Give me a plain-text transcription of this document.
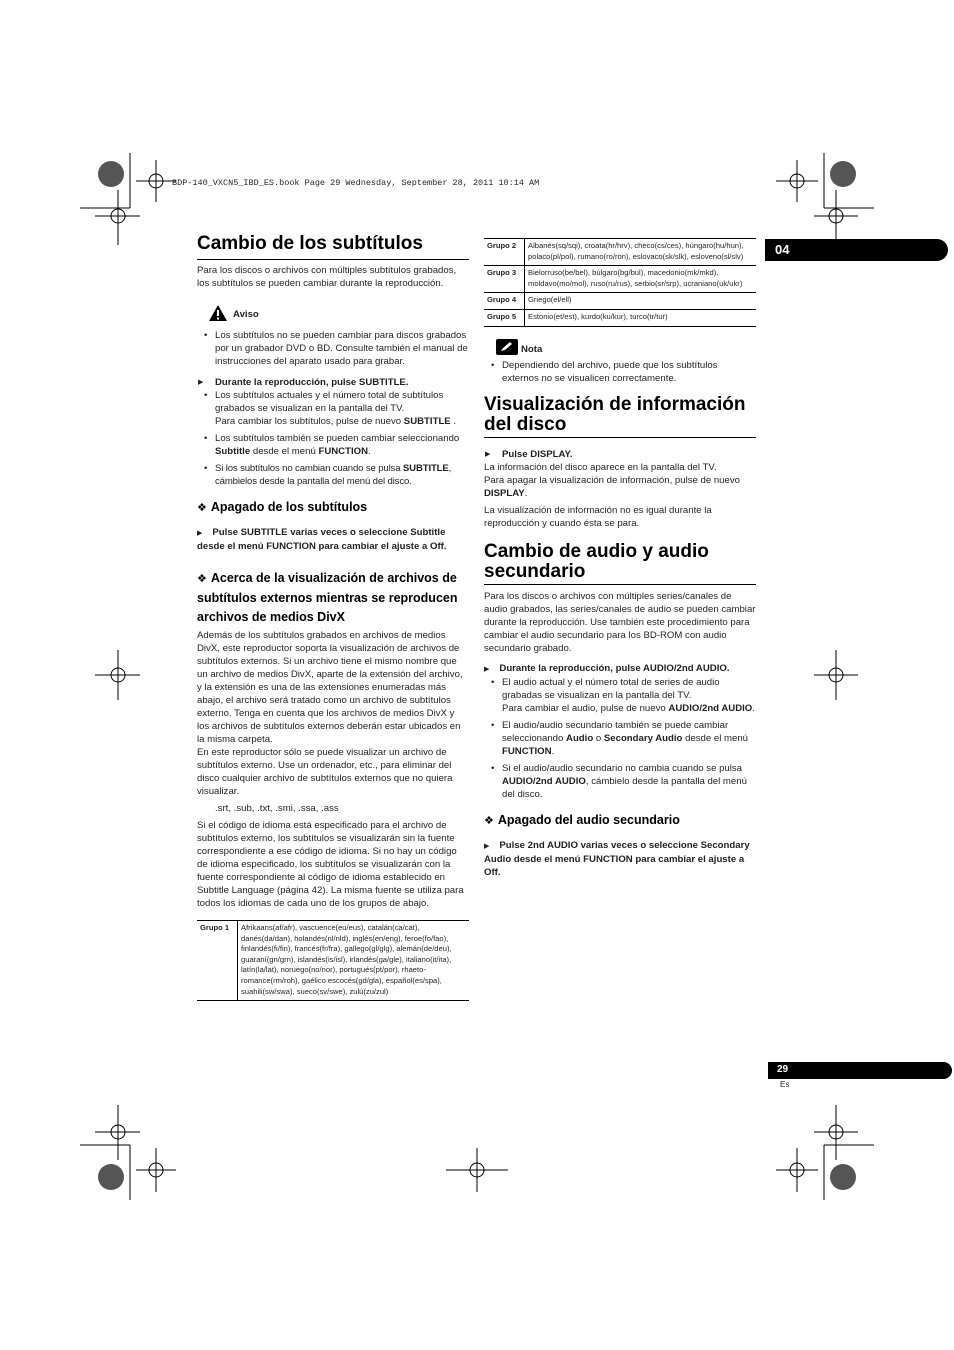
BDP-140_VXCN5_IBD_ES.book Page 29 Wednesday, September 28, 2011 10:14 AM
04
29
Es
Cambio de los subtítulos

Para los discos o archivos con múltiples subtítulos grabados, los subtítulos se pueden cambiar durante la reproducción.

Aviso
• Los subtítulos no se pueden cambiar para discos grabados por un grabador DVD o BD. Consulte también el manual de instrucciones del aparato usado para grabar.
▶ Durante la reproducción, pulse SUBTITLE.
• Los subtítulos actuales y el número total de subtítulos grabados se visualizan en la pantalla del TV.
Para cambiar los subtítulos, pulse de nuevo SUBTITLE .
• Los subtítulos también se pueden cambiar seleccionando Subtitle desde el menú FUNCTION.
• Si los subtítulos no cambian cuando se pulsa SUBTITLE, cámbielos desde la pantalla del menú del disco.
❖ Apagado de los subtítulos
▶ Pulse SUBTITLE varias veces o seleccione Subtitle desde el menú FUNCTION para cambiar el ajuste a Off.
❖ Acerca de la visualización de archivos de subtítulos externos mientras se reproducen archivos de medios DivX

Además de los subtítulos grabados en archivos de medios DivX, este reproductor soporta la visualización de archivos de subtítulos externos. Si un archivo tiene el mismo nombre que un archivo de medios DivX, aparte de la extensión del archivo, y la extensión es una de las extensiones enumeradas más abajo, el archivo será tratado como un archivo de subtítulos externo. Tenga en cuenta que los archivos de medios DivX y los archivos de subtítulos externos deberán estar ubicados en la misma carpeta.

En este reproductor sólo se puede visualizar un archivo de subtítulos externo. Use un ordenador, etc., para eliminar del disco cualquier archivo de subtítulos externos que no quiera visualizar.

.srt, .sub, .txt, .smi, .ssa, .ass

Si el código de idioma está especificado para el archivo de subtítulos externo, los subtítulos se visualizarán sin la fuente correspondiente a ese código de idioma. Si no hay un código de idioma especificado, los subtítulos se visualizarán con la fuente correspondiente al código de idioma establecido en Subtitle Language (página 42). La misma fuente se utiliza para todos los idiomas de cada uno de los grupos de abajo.

Grupo 1	Afrikaans(af/afr), vascuence(eu/eus), catalán(ca/cat), danés(da/dan), holandés(nl/nld), inglés(en/eng), feroe(fo/fao), finlandés(fi/fin), francés(fr/fra), gallego(gl/glg), alemán(de/deu), guaraní(gn/grn), islandés(is/isl), irlandés(ga/gle), italiano(it/ita), latín(la/lat), noruego(no/nor), portugués(pt/por), rhaeto-romance(rm/roh), gaélico escocés(gd/gla), español(es/spa), suahili(sw/swa), sueco(sv/swe), zulú(zu/zul)
Grupo 2	Albanés(sq/sqi), croata(hr/hrv), checo(cs/ces), húngaro(hu/hun), polaco(pl/pol), rumano(ro/ron), eslovaco(sk/slk), esloveno(sl/slv)
Grupo 3	Bielorruso(be/bel), búlgaro(bg/bul), macedonio(mk/mkd), moldavo(mo/mol), ruso(ru/rus), serbio(sr/srp), ucraniano(uk/ukr)
Grupo 4	Griego(el/ell)
Grupo 5	Estonio(et/est), kurdo(ku/kur), turco(tr/tur)
Nota
• Dependiendo del archivo, puede que los subtítulos externos no se visualicen correctamente.
Visualización de información del disco
▶ Pulse DISPLAY.

La información del disco aparece en la pantalla del TV.

Para apagar la visualización de información, pulse de nuevo DISPLAY.

La visualización de información no es igual durante la reproducción y cuando ésta se para.

Cambio de audio y audio secundario

Para los discos o archivos con múltiples series/canales de audio grabados, las series/canales de audio se pueden cambiar durante la reproducción. Use también este procedimiento para cambiar el audio secundario para los BD-ROM con audio secundario grabado.

▶ Durante la reproducción, pulse AUDIO/2nd AUDIO.
• El audio actual y el número total de series de audio grabadas se visualizan en la pantalla del TV.
Para cambiar el audio, pulse de nuevo AUDIO/2nd AUDIO.
• El audio/audio secundario también se puede cambiar seleccionando Audio o Secondary Audio desde el menú FUNCTION.
• Si el audio/audio secundario no cambia cuando se pulsa AUDIO/2nd AUDIO, cámbielo desde la pantalla del menú del disco.
❖ Apagado del audio secundario
▶ Pulse 2nd AUDIO varias veces o seleccione Secondary Audio desde el menú FUNCTION para cambiar el ajuste a Off.
